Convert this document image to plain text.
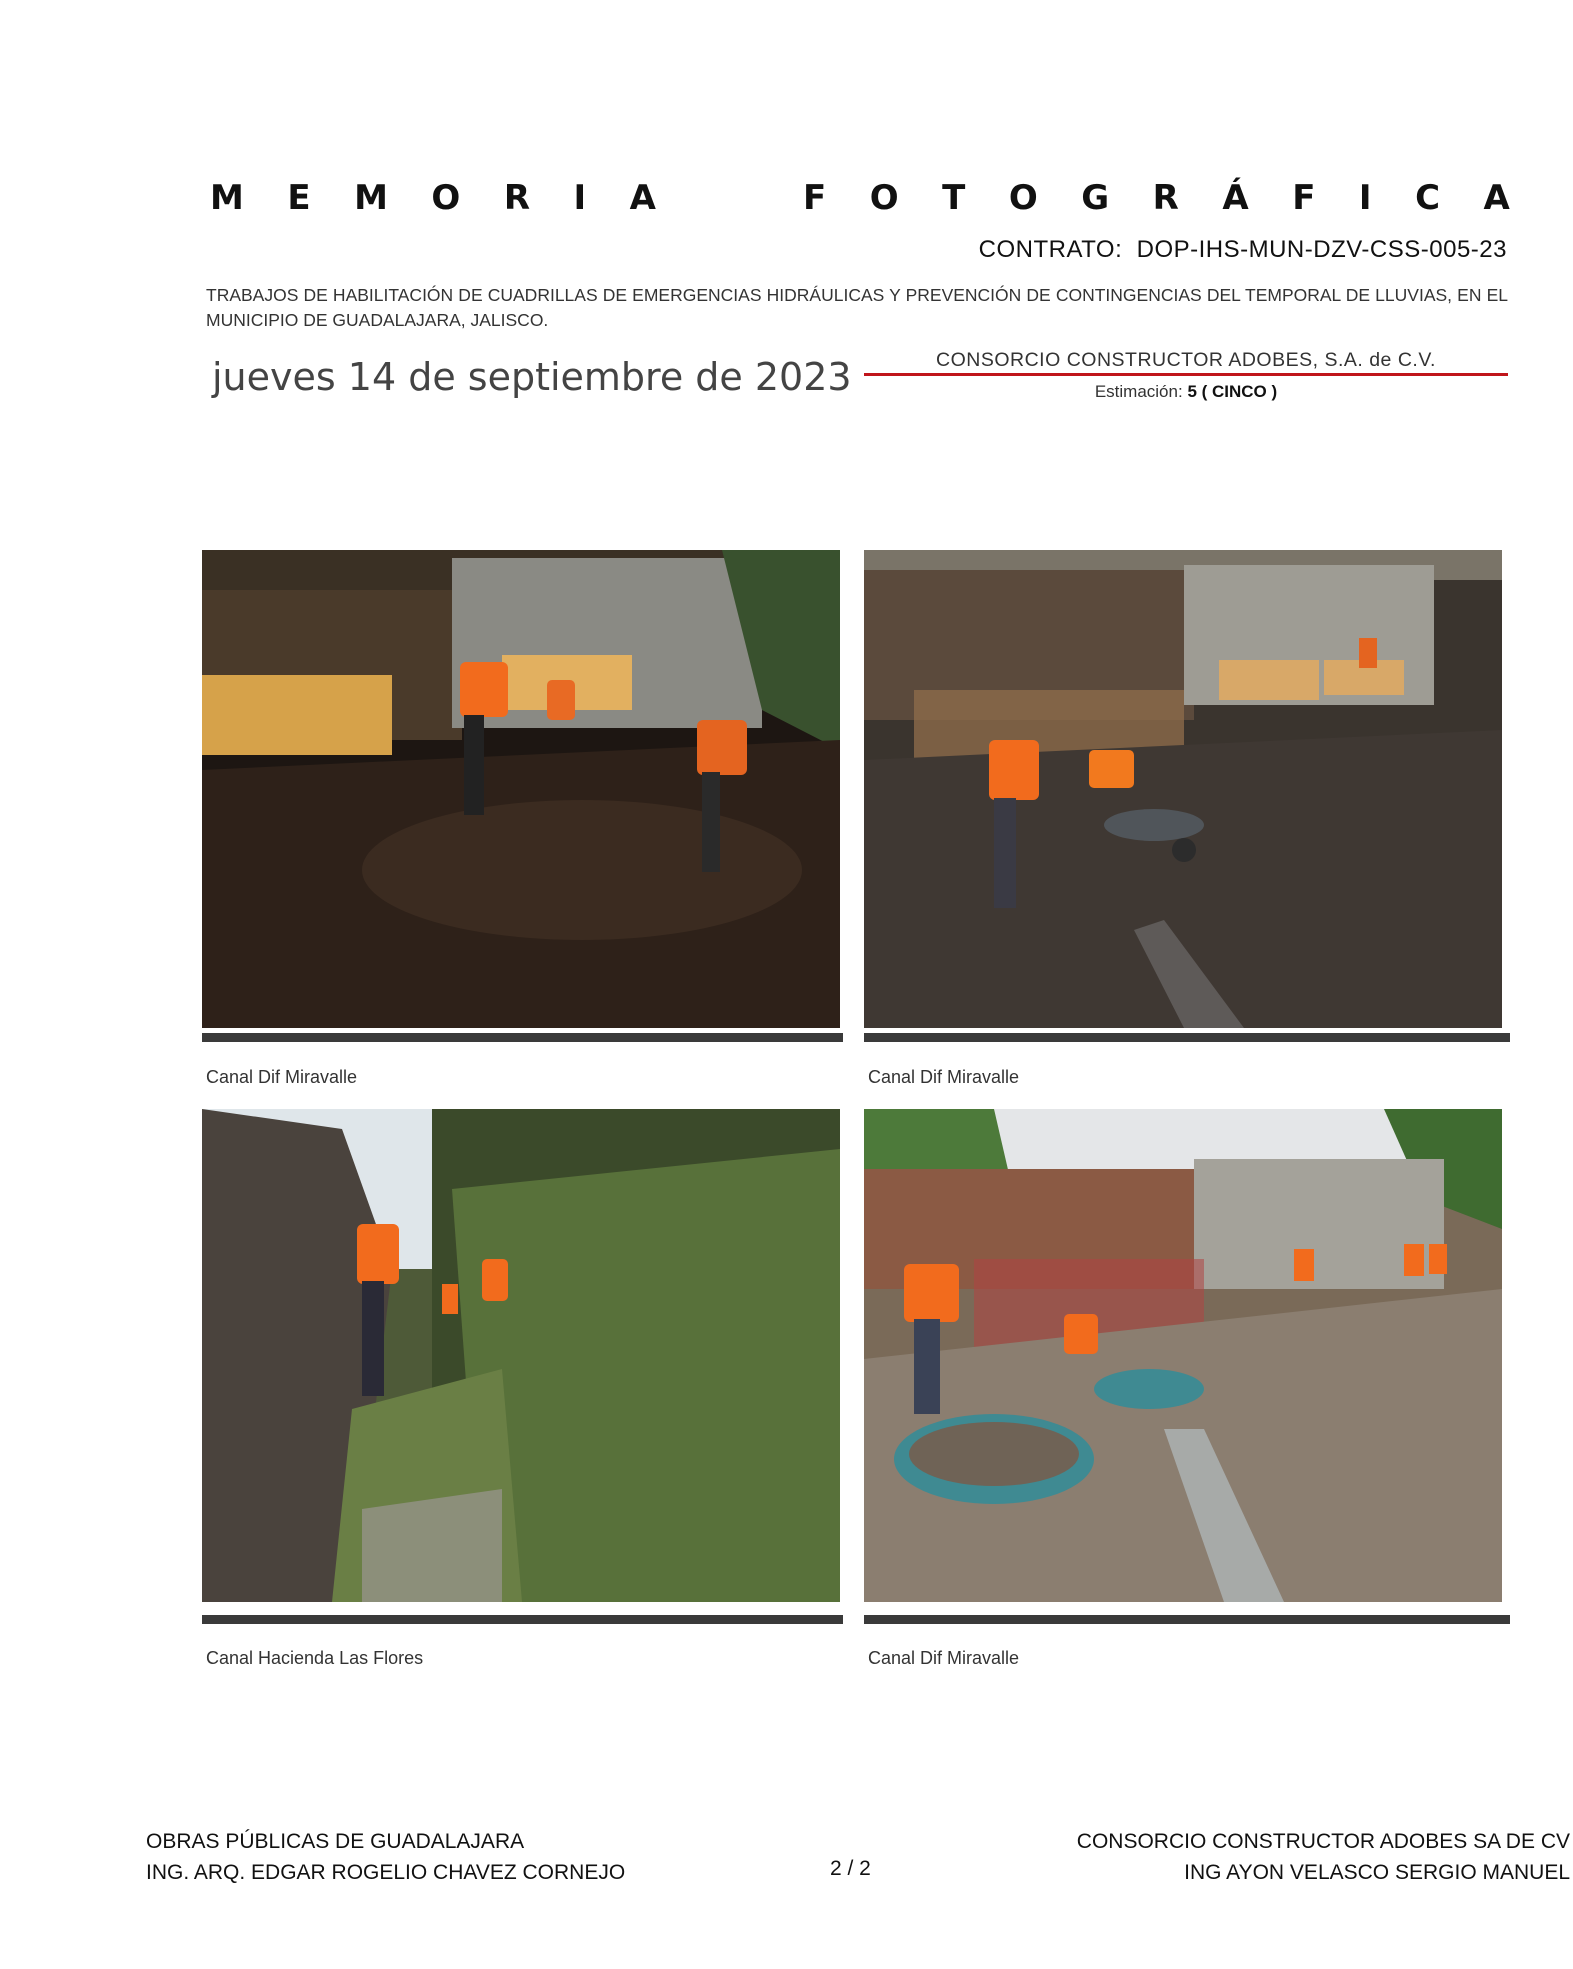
M E M O R I A	F O T O G R Á F I C A
CONTRATO: DOP-IHS-MUN-DZV-CSS-005-23
TRABAJOS DE HABILITACIÓN DE CUADRILLAS DE EMERGENCIAS HIDRÁULICAS Y PREVENCIÓN DE CONTINGENCIAS DEL TEMPORAL DE LLUVIAS, EN EL MUNICIPIO DE GUADALAJARA, JALISCO.
jueves 14 de septiembre de 2023	CONSORCIO CONSTRUCTOR ADOBES, S.A. de C.V.
Estimación: 5 ( CINCO )
Canal Dif Miravalle	Canal Dif Miravalle
Canal Hacienda Las Flores	Canal Dif Miravalle
OBRAS PÚBLICAS DE GUADALAJARA
ING. ARQ. EDGAR ROGELIO CHAVEZ CORNEJO	2 / 2
CONSORCIO CONSTRUCTOR ADOBES SA DE CV
ING AYON VELASCO SERGIO MANUEL
